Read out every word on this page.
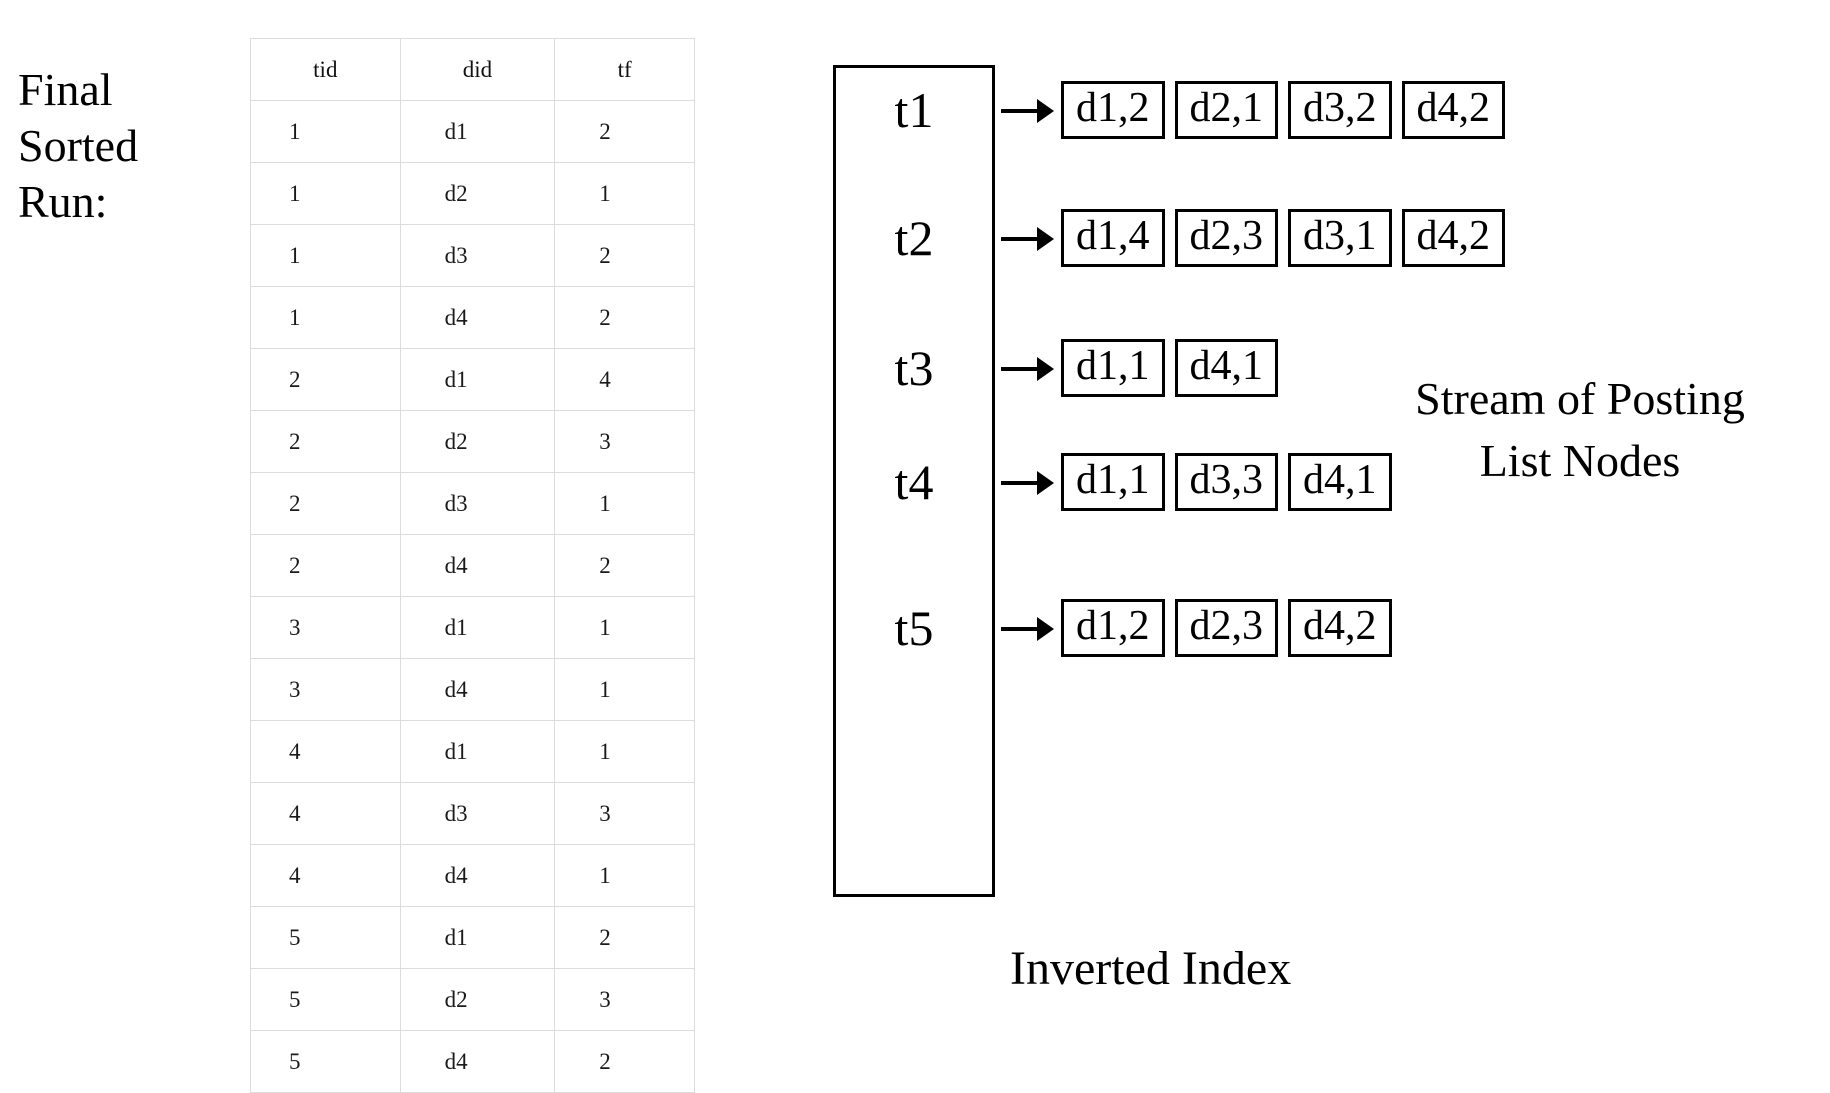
Final
Sorted
Run:
tid	did	tf
1	d1	2
1	d2	1
1	d3	2
1	d4	2
2	d1	4
2	d2	3
2	d3	1
2	d4	2
3	d1	1
3	d4	1
4	d1	1
4	d3	3
4	d4	1
5	d1	2
5	d2	3
5	d4	2
t1	d1,2 d2,1 d3,2 d4,2
t2	d1,4 d2,3 d3,1 d4,2
t3	d1,1 d4,1
t4	d1,1 d3,3 d4,1
t5	d1,2 d2,3 d4,2
Stream of Posting
List Nodes
Inverted Index
